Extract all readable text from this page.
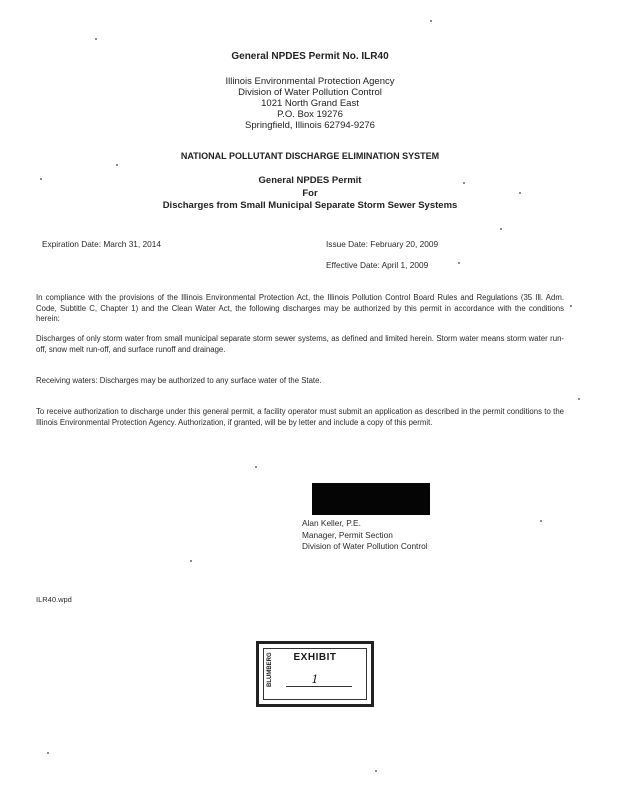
General NPDES Permit No. ILR40
Illinois Environmental Protection Agency
Division of Water Pollution Control
1021 North Grand East
P.O. Box 19276
Springfield, Illinois 62794-9276
NATIONAL POLLUTANT DISCHARGE ELIMINATION SYSTEM
General NPDES Permit
For
Discharges from Small Municipal Separate Storm Sewer Systems
Expiration Date: March 31, 2014	Issue Date: February 20, 2009
Effective Date: April 1, 2009
In compliance with the provisions of the Illinois Environmental Protection Act, the Illinois Pollution Control Board Rules and Regulations (35 Ill. Adm. Code, Subtitle C, Chapter 1) and the Clean Water Act, the following discharges may be authorized by this permit in accordance with the conditions herein:
Discharges of only storm water from small municipal separate storm sewer systems, as defined and limited herein. Storm water means storm water run-off, snow melt run-off, and surface runoff and drainage.
Receiving waters: Discharges may be authorized to any surface water of the State.
To receive authorization to discharge under this general permit, a facility operator must submit an application as described in the permit conditions to the Illinois Environmental Protection Agency. Authorization, if granted, will be by letter and include a copy of this permit.
Alan Keller, P.E.
Manager, Permit Section
Division of Water Pollution Control
ILR40.wpd
BLUMBERG	EXHIBIT
1
